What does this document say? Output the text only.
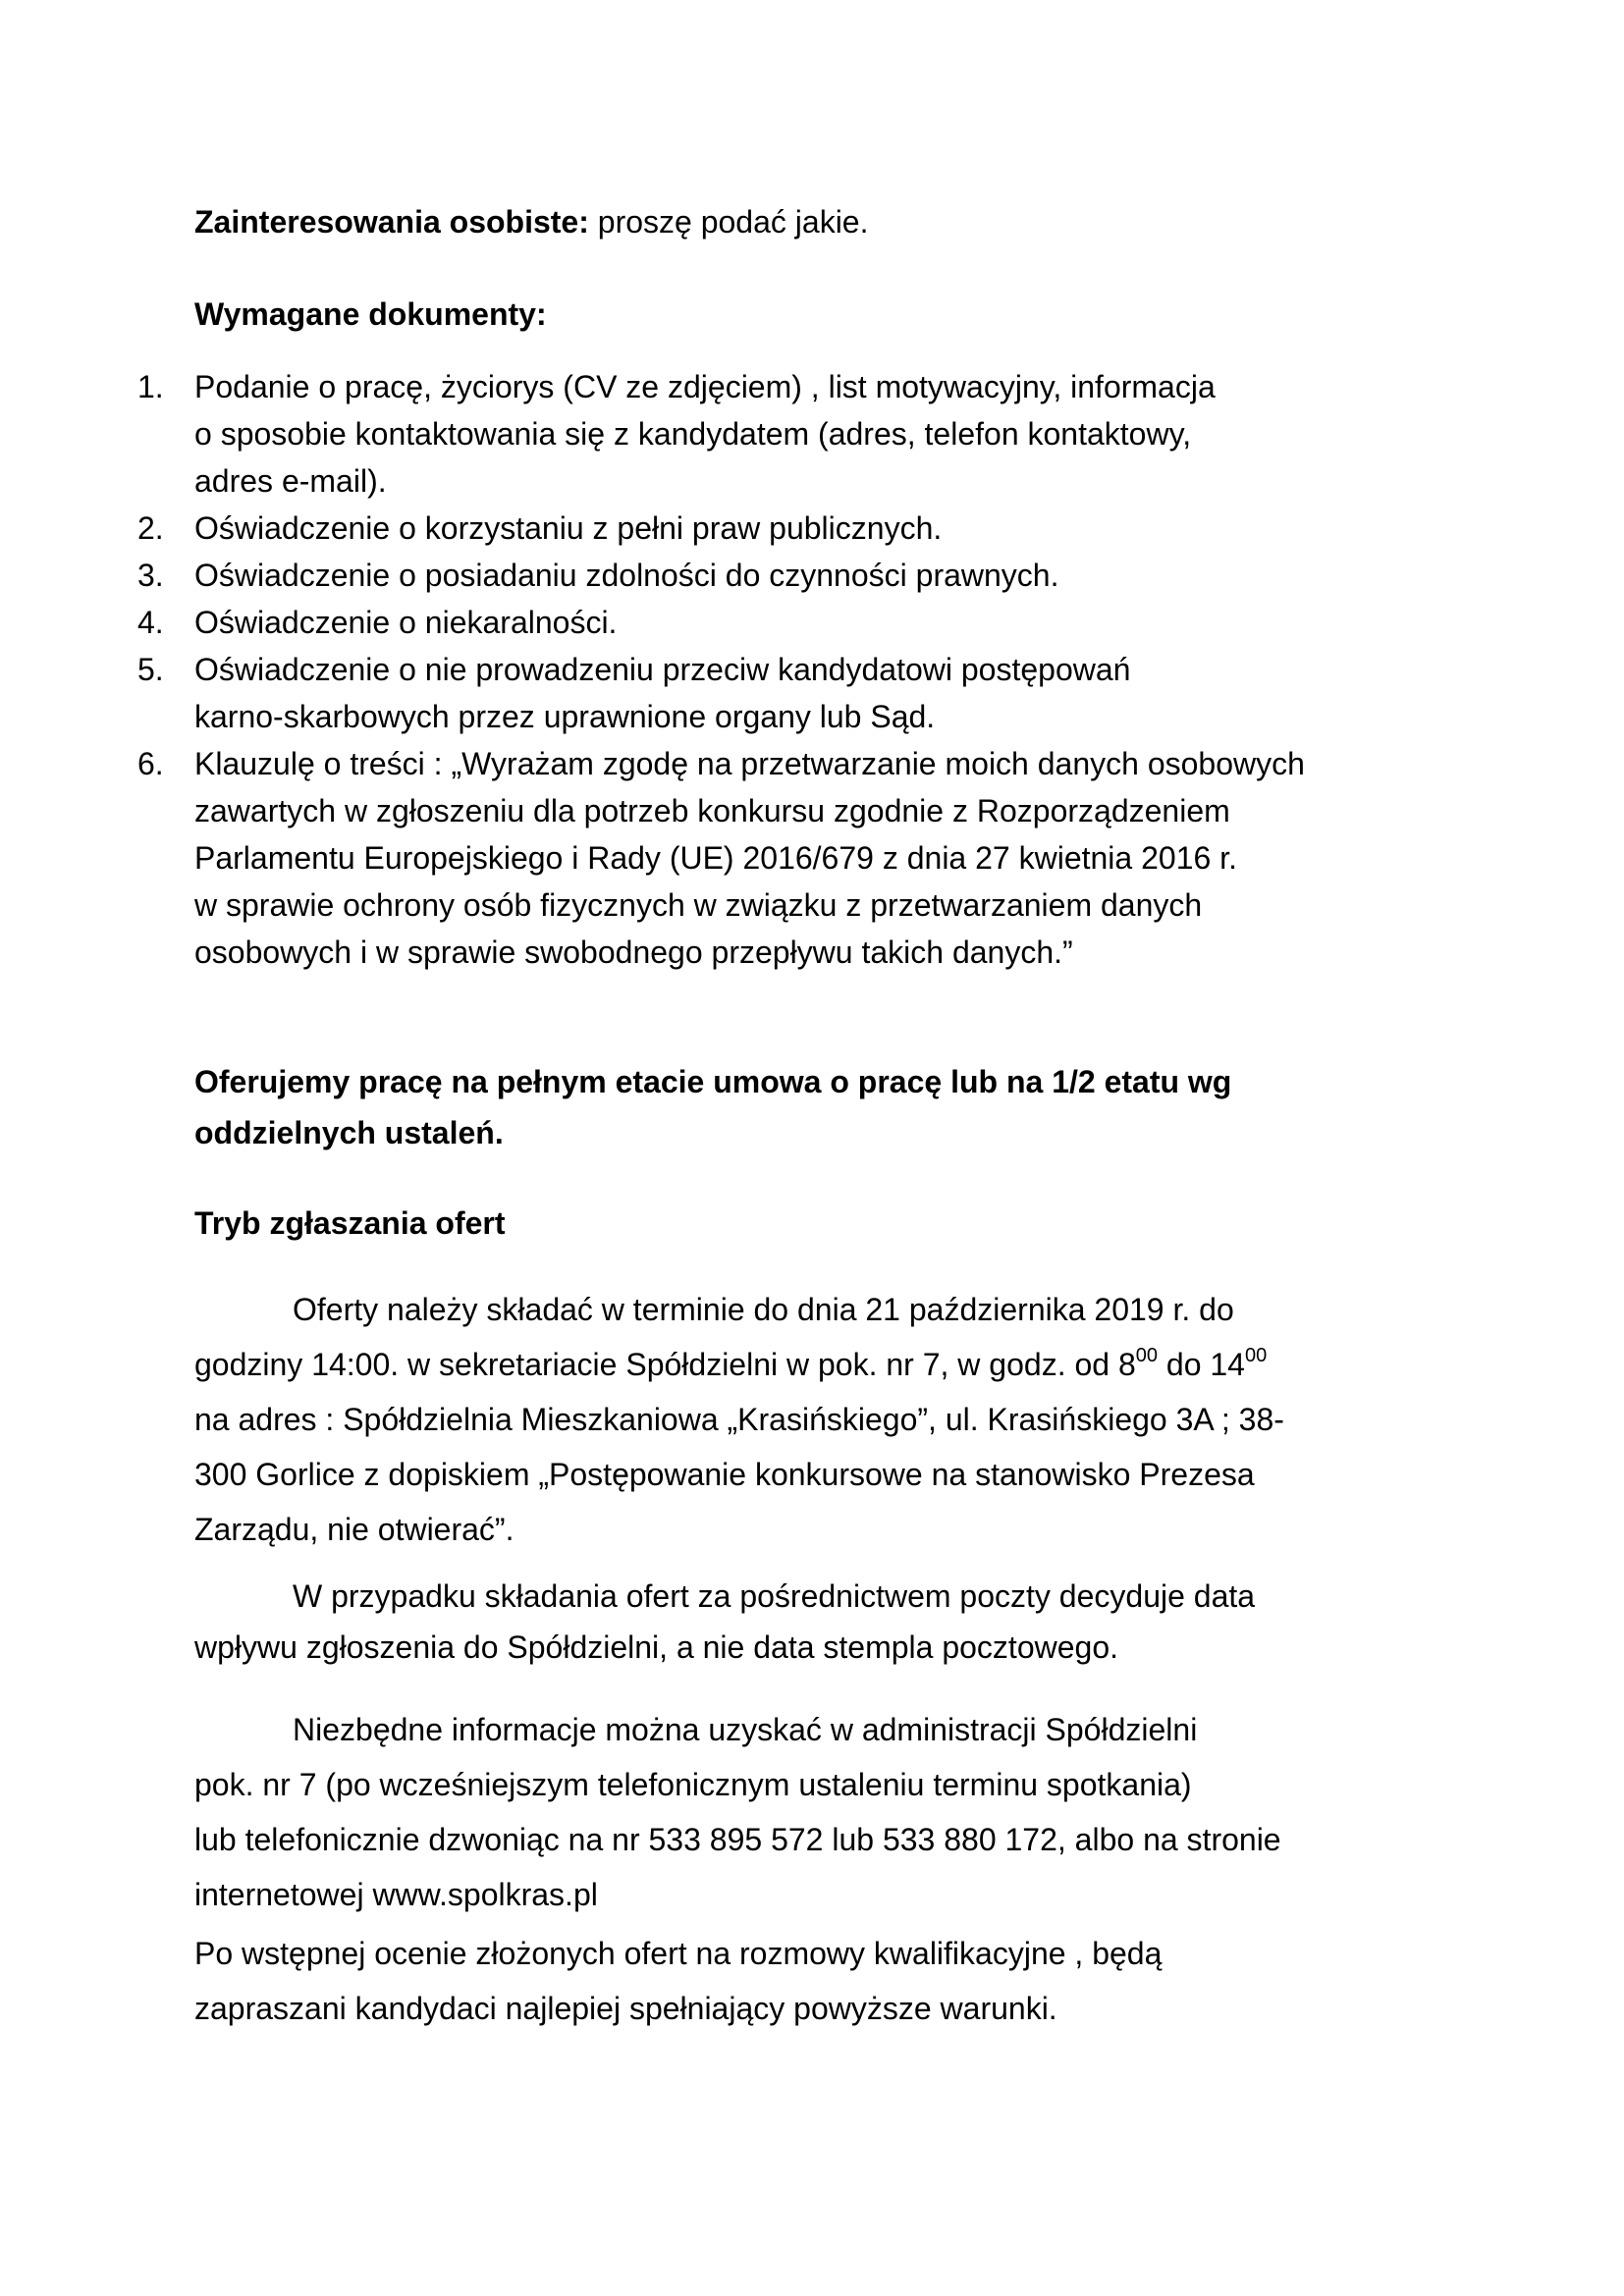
Zainteresowania osobiste: proszę podać jakie.
Wymagane dokumenty:
1. Podanie o pracę, życiorys (CV ze zdjęciem) , list motywacyjny, informacja
o sposobie kontaktowania się z kandydatem (adres, telefon kontaktowy,
adres e-mail).
2. Oświadczenie o korzystaniu z pełni praw publicznych.
3. Oświadczenie o posiadaniu zdolności do czynności prawnych.
4. Oświadczenie o niekaralności.
5. Oświadczenie o nie prowadzeniu przeciw kandydatowi postępowań
karno-skarbowych przez uprawnione organy lub Sąd.
6. Klauzulę o treści : „Wyrażam zgodę na przetwarzanie moich danych osobowych
zawartych w zgłoszeniu dla potrzeb konkursu zgodnie z Rozporządzeniem
Parlamentu Europejskiego i Rady (UE) 2016/679 z dnia 27 kwietnia 2016 r.
w sprawie ochrony osób fizycznych w związku z przetwarzaniem danych
osobowych i w sprawie swobodnego przepływu takich danych.”
Oferujemy pracę na pełnym etacie umowa o pracę lub na 1/2 etatu wg
oddzielnych ustaleń.
Tryb zgłaszania ofert
Oferty należy składać w terminie do dnia 21 października 2019 r. do
godziny 14:00. w sekretariacie Spółdzielni w pok. nr 7, w godz. od $8^{00}$ do $14^{00}$
na adres : Spółdzielnia Mieszkaniowa „Krasińskiego”, ul. Krasińskiego 3A ; 38-
300 Gorlice z dopiskiem „Postępowanie konkursowe na stanowisko Prezesa
Zarządu, nie otwierać”.
W przypadku składania ofert za pośrednictwem poczty decyduje data
wpływu zgłoszenia do Spółdzielni, a nie data stempla pocztowego.
Niezbędne informacje można uzyskać w administracji Spółdzielni
pok. nr 7 (po wcześniejszym telefonicznym ustaleniu terminu spotkania)
lub telefonicznie dzwoniąc na nr 533 895 572 lub 533 880 172, albo na stronie
internetowej www.spolkras.pl
Po wstępnej ocenie złożonych ofert na rozmowy kwalifikacyjne , będą
zapraszani kandydaci najlepiej spełniający powyższe warunki.
